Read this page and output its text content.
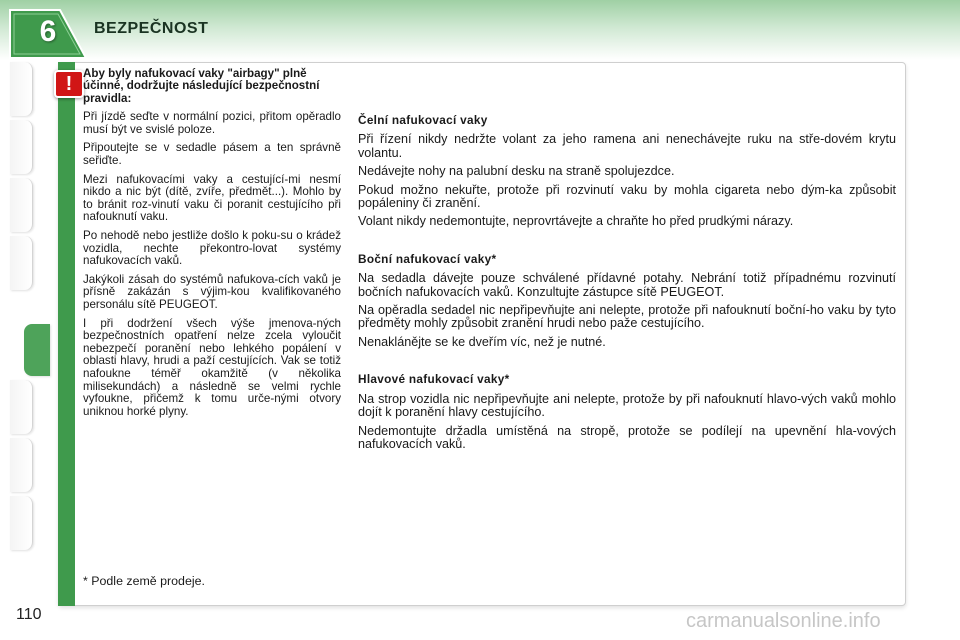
6	BEZPEČNOST
! Aby byly nafukovací vaky "airbagy" plně účinné, dodržujte následující bezpečnostní pravidla:

Při jízdě seďte v normální pozici, přitom opěradlo musí být ve svislé poloze.

Připoutejte se v sedadle pásem a ten správně seřiďte.

Mezi nafukovacími vaky a cestující-mi nesmí nikdo a nic být (dítě, zvíře, předmět...). Mohlo by to bránit roz-vinutí vaku či poranit cestujícího při nafouknutí vaku.

Po nehodě nebo jestliže došlo k poku-su o krádež vozidla, nechte překontro-lovat systémy nafukovacích vaků.

Jakýkoli zásah do systémů nafukova-cích vaků je přísně zakázán s výjim-kou kvalifikovaného personálu sítě PEUGEOT.

I při dodržení všech výše jmenova-ných bezpečnostních opatření nelze zcela vyloučit nebezpečí poranění nebo lehkého popálení v oblasti hlavy, hrudi a paží cestujících. Vak se totiž nafoukne téměř okamžitě (v několika milisekundách) a následně se velmi rychle vyfoukne, přičemž k tomu urče-nými otvory uniknou horké plyny.

Čelní nafukovací vaky

Při řízení nikdy nedržte volant za jeho ramena ani nenechávejte ruku na stře-dovém krytu volantu.

Nedávejte nohy na palubní desku na straně spolujezdce.

Pokud možno nekuřte, protože při rozvinutí vaku by mohla cigareta nebo dým-ka způsobit popáleniny či zranění.

Volant nikdy nedemontujte, neprovrtávejte a chraňte ho před prudkými nárazy.

Boční nafukovací vaky*

Na sedadla dávejte pouze schválené přídavné potahy. Nebrání totiž případnému rozvinutí bočních nafukovacích vaků. Konzultujte zástupce sítě PEUGEOT.

Na opěradla sedadel nic nepřipevňujte ani nelepte, protože při nafouknutí boční-ho vaku by tyto předměty mohly způsobit zranění hrudi nebo paže cestujícího.

Nenaklánějte se ke dveřím víc, než je nutné.

Hlavové nafukovací vaky*

Na strop vozidla nic nepřipevňujte ani nelepte, protože by při nafouknutí hlavo-vých vaků mohlo dojít k poranění hlavy cestujícího.

Nedemontujte držadla umístěná na stropě, protože se podílejí na upevnění hla-vových nafukovacích vaků.

* Podle země prodeje.
110	carmanualsonline.info
